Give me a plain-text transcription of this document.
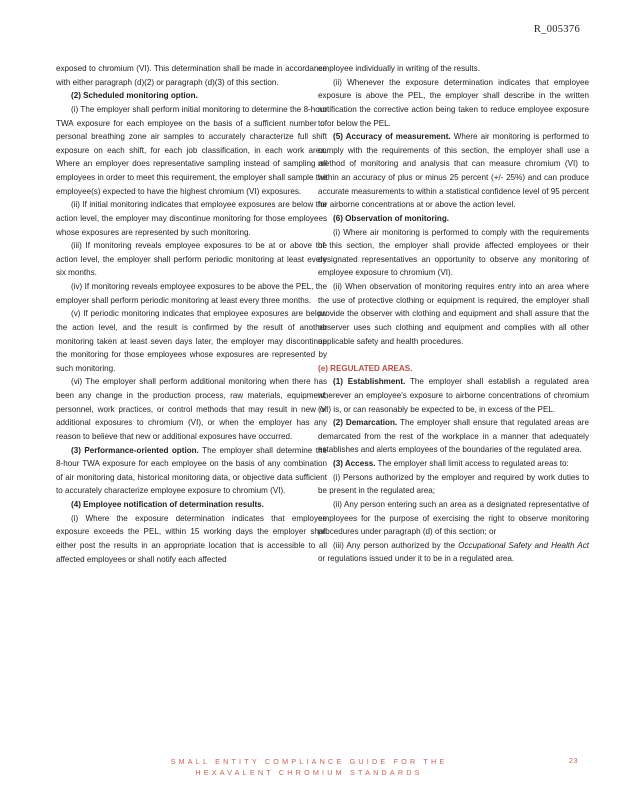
R_005376

exposed to chromium (VI). This determination shall be made in accordance with either paragraph (d)(2) or paragraph (d)(3) of this section.

(2) Scheduled monitoring option.

(i) The employer shall perform initial monitoring to determine the 8-hour TWA exposure for each employee on the basis of a sufficient number of personal breathing zone air samples to accurately characterize full shift exposure on each shift, for each job classification, in each work area. Where an employer does representative sampling instead of sampling all employees in order to meet this requirement, the employer shall sample the employee(s) expected to have the highest chromium (VI) exposures.

(ii) If initial monitoring indicates that employee exposures are below the action level, the employer may discontinue monitoring for those employees whose exposures are represented by such monitoring.

(iii) If monitoring reveals employee exposures to be at or above the action level, the employer shall perform periodic monitoring at least every six months.

(iv) If monitoring reveals employee exposures to be above the PEL, the employer shall perform periodic monitoring at least every three months.

(v) If periodic monitoring indicates that employee exposures are below the action level, and the result is confirmed by the result of another monitoring taken at least seven days later, the employer may discontinue the monitoring for those employees whose exposures are represented by such monitoring.

(vi) The employer shall perform additional monitoring when there has been any change in the production process, raw materials, equipment, personnel, work practices, or control methods that may result in new or additional exposures to chromium (VI), or when the employer has any reason to believe that new or additional exposures have occurred.

(3) Performance-oriented option. The employer shall determine the 8-hour TWA exposure for each employee on the basis of any combination of air monitoring data, historical monitoring data, or objective data sufficient to accurately characterize employee exposure to chromium (VI).

(4) Employee notification of determination results.

(i) Where the exposure determination indicates that employee exposure exceeds the PEL, within 15 working days the employer shall either post the results in an appropriate location that is accessible to all affected employees or shall notify each affected

employee individually in writing of the results.

(ii) Whenever the exposure determination indicates that employee exposure is above the PEL, the employer shall describe in the written notification the corrective action being taken to reduce employee exposure to or below the PEL.

(5) Accuracy of measurement. Where air monitoring is performed to comply with the requirements of this section, the employer shall use a method of monitoring and analysis that can measure chromium (VI) to within an accuracy of plus or minus 25 percent (+/- 25%) and can produce accurate measurements to within a statistical confidence level of 95 percent for airborne concentrations at or above the action level.

(6) Observation of monitoring.

(i) Where air monitoring is performed to comply with the requirements of this section, the employer shall provide affected employees or their designated representatives an opportunity to observe any monitoring of employee exposure to chromium (VI).

(ii) When observation of monitoring requires entry into an area where the use of protective clothing or equipment is required, the employer shall provide the observer with clothing and equipment and shall assure that the observer uses such clothing and equipment and complies with all other applicable safety and health procedures.

(e) REGULATED AREAS.

(1) Establishment. The employer shall establish a regulated area wherever an employee's exposure to airborne concentrations of chromium (VI) is, or can reasonably be expected to be, in excess of the PEL.

(2) Demarcation. The employer shall ensure that regulated areas are demarcated from the rest of the workplace in a manner that adequately establishes and alerts employees of the boundaries of the regulated area.

(3) Access. The employer shall limit access to regulated areas to:

(i) Persons authorized by the employer and required by work duties to be present in the regulated area;

(ii) Any person entering such an area as a designated representative of employees for the purpose of exercising the right to observe monitoring procedures under paragraph (d) of this section; or

(iii) Any person authorized by the Occupational Safety and Health Act or regulations issued under it to be in a regulated area.

SMALL ENTITY COMPLIANCE GUIDE FOR THE
HEXAVALENT CHROMIUM STANDARDS
23
